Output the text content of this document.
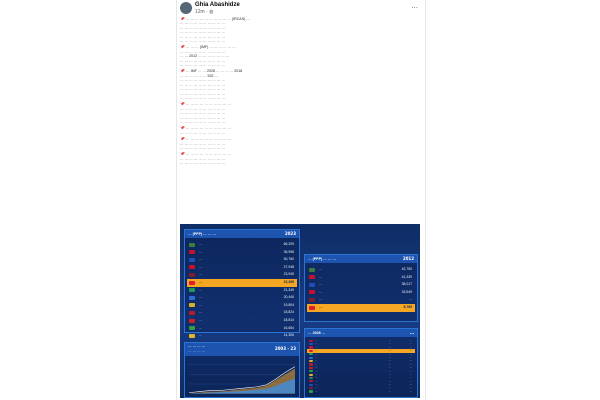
Ghia Abashidze
12m · ◍	···
📌… … … … … … … … … … (IRCAS) …
… … … … … … … … … …
… … … … … … … … … …
… … … … … … … … … …
… … … … … … … … … …
… … … … … … … … … …
📌… … … (IMF) … … … … … …
… … … … … … … … … …
… … 2012 … … … … … … …
… … … … … … … … … …
… … … … … … … … … …
📌… IMF … … 2028 … … … … 2018
… … … … … … 532 …
… … … … … … … … … …
… … … … … … … … … …
… … … … … … … … … …
… … … … … … … … … …
… … … … … … … … … …
📌… … … … … … … … … …
… … … … … … … … … …
… … … … … … … … … …
… … … … … … … … … …
… … … … … … … … … …
📌… … … … … … … … … …
… … … … … … … … … …
📌… … … … … … … … … …
… … … … … … … … … …
… … … … … … … … … …
📌… … … … … … … … … …
… … … … … … … … … …
… … … … … … … … … …
… (PPP) … … …	2023
…	66,209
…	36,998
…	30,760
…	27,948
…	23,949
…	22,365
…	21,349
…	20,440
…	19,804
…	18,824
…	18,814
…	16,654
…	14,306
… (PPP) … … …	2012
…	42,750
…	41,339
…	38,017
…	33,549
…	…
…	8,769
… … … …
… … … …	2003 - 23
… 2028 …	…
…	…	…
…	…	…
…	…	…
…	…	…
…	…	…
…	…	…
…	…	…
…	…	…
…	…	…
…	…	…
…	…	…
…	…	…
…	…	…
…	…	…
…	…	…
…	…	…
